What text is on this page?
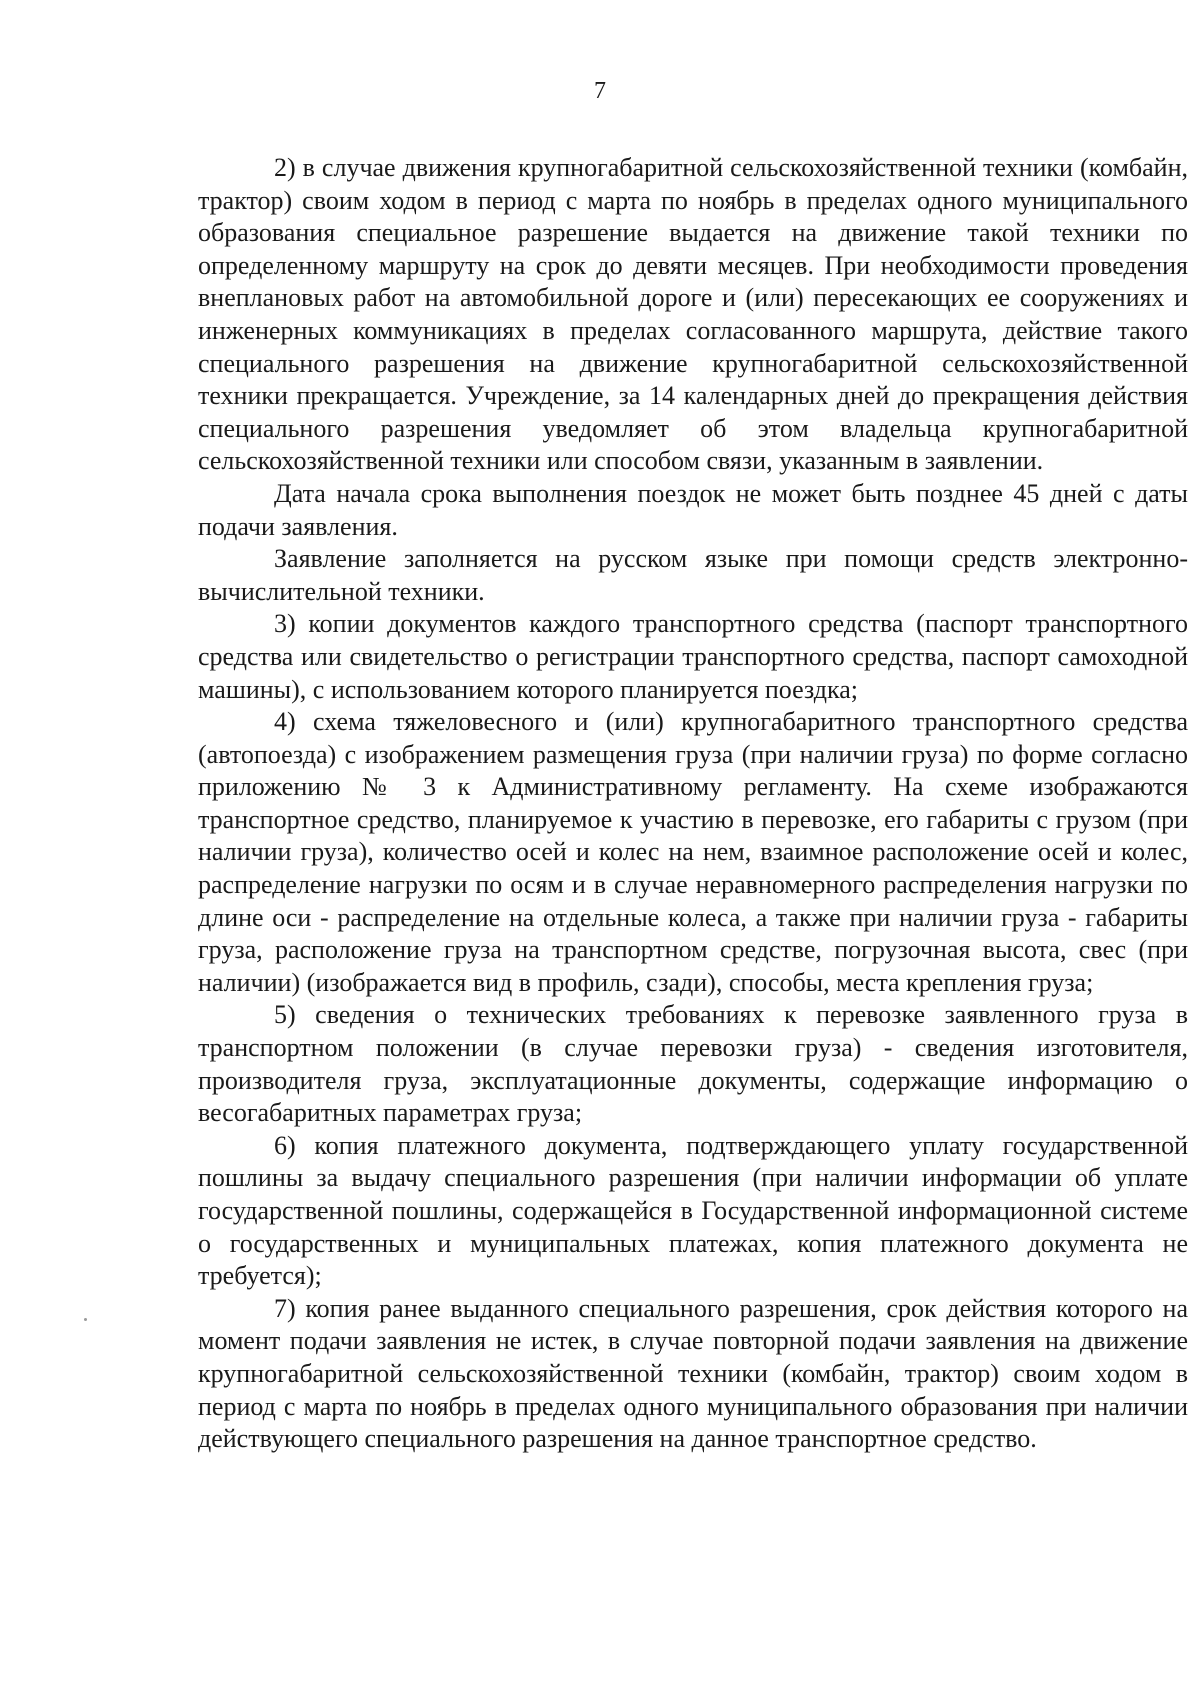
7

2) в случае движения крупногабаритной сельскохозяйственной техники (комбайн, трактор) своим ходом в период с марта по ноябрь в пределах одного муниципального образования специальное разрешение выдается на движение такой техники по определенному маршруту на срок до девяти месяцев. При необходимости проведения внеплановых работ на автомобильной дороге и (или) пересекающих ее сооружениях и инженерных коммуникациях в пределах согласованного маршрута, действие такого специального разрешения на движение крупногабаритной сельскохозяйственной техники прекращается. Учреждение, за 14 календарных дней до прекращения действия специального разрешения уведомляет об этом владельца крупногабаритной сельскохозяйственной техники или способом связи, указанным в заявлении.

Дата начала срока выполнения поездок не может быть позднее 45 дней с даты подачи заявления.

Заявление заполняется на русском языке при помощи средств электронно-вычислительной техники.

3) копии документов каждого транспортного средства (паспорт транспортного средства или свидетельство о регистрации транспортного средства, паспорт самоходной машины), с использованием которого планируется поездка;

4) схема тяжеловесного и (или) крупногабаритного транспортного средства (автопоезда) с изображением размещения груза (при наличии груза) по форме согласно приложению № 3 к Административному регламенту. На схеме изображаются транспортное средство, планируемое к участию в перевозке, его габариты с грузом (при наличии груза), количество осей и колес на нем, взаимное расположение осей и колес, распределение нагрузки по осям и в случае неравномерного распределения нагрузки по длине оси - распределение на отдельные колеса, а также при наличии груза - габариты груза, расположение груза на транспортном средстве, погрузочная высота, свес (при наличии) (изображается вид в профиль, сзади), способы, места крепления груза;

5) сведения о технических требованиях к перевозке заявленного груза в транспортном положении (в случае перевозки груза) - сведения изготовителя, производителя груза, эксплуатационные документы, содержащие информацию о весогабаритных параметрах груза;

6) копия платежного документа, подтверждающего уплату государственной пошлины за выдачу специального разрешения (при наличии информации об уплате государственной пошлины, содержащейся в Государственной информационной системе о государственных и муниципальных платежах, копия платежного документа не требуется);

7) копия ранее выданного специального разрешения, срок действия которого на момент подачи заявления не истек, в случае повторной подачи заявления на движение крупногабаритной сельскохозяйственной техники (комбайн, трактор) своим ходом в период с марта по ноябрь в пределах одного муниципального образования при наличии действующего специального разрешения на данное транспортное средство.
